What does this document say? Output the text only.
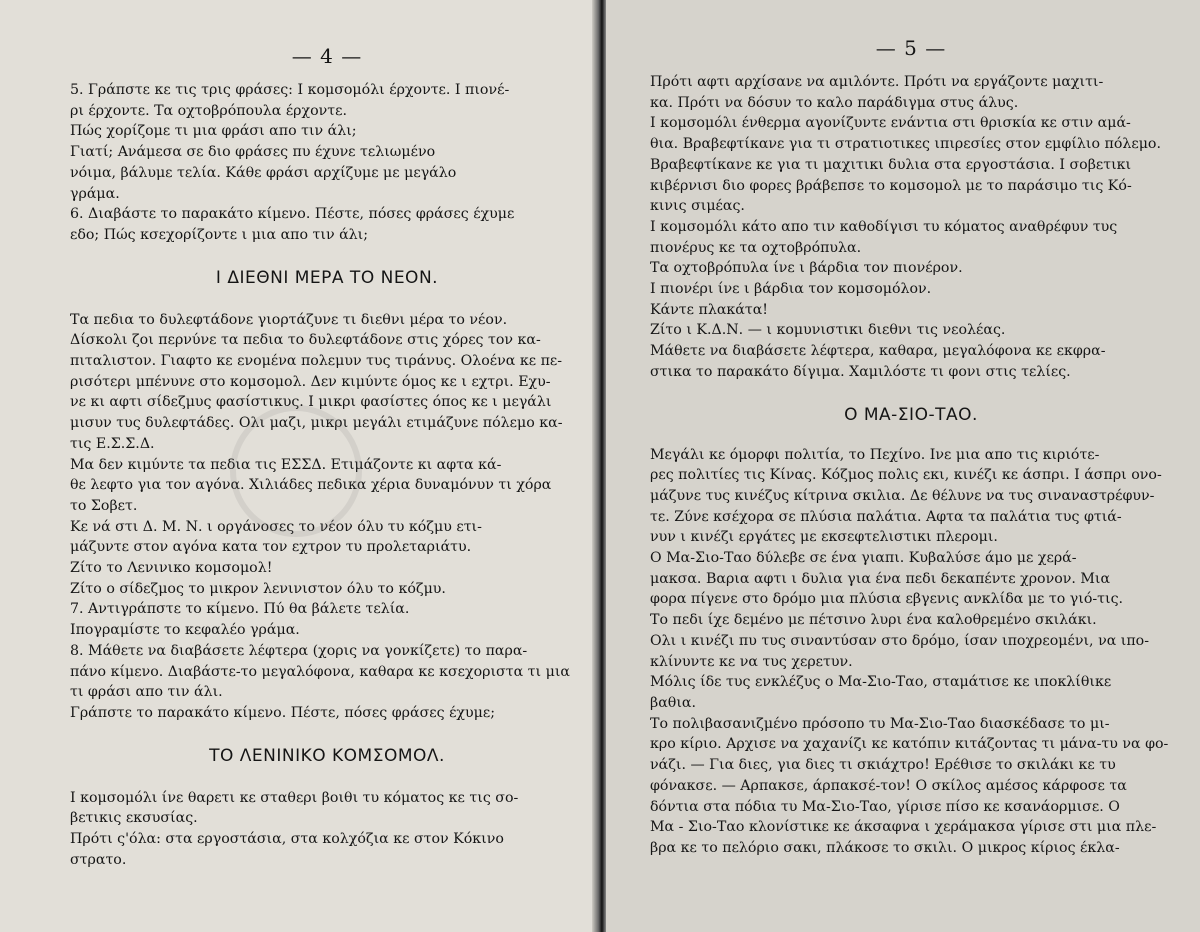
— 4 —
5. Γράπστε κε τις τρις φράσες: Ι κομσομόλι έρχοντε. Ι πιονέ-
ρι έρχοντε. Τα οχτοβρόπουλα έρχοντε.
Πώς χορίζομε τι μια φράσι απο τιν άλι;
Γιατί; Ανάμεσα σε διο φράσες πυ έχυνε τελιωμένο
νόιμα, βάλυμε τελία. Κάθε φράσι αρχίζυμε με μεγάλο
γράμα.
6. Διαβάστε το παρακάτο κίμενο. Πέστε, πόσες φράσες έχυμε
εδο; Πώς κσεχορίζοντε ι μια απο τιν άλι;
Ι ΔΙΕΘΝΙ ΜΕΡΑ ΤΟ ΝΕΟΝ.
Τα πεδια το δυλεφτάδονε γιορτάζυνε τι διεθνι μέρα το νέον.
Δίσκολι ζοι περνύνε τα πεδια το δυλεφτάδονε στις χόρες τον κα-
πιταλιστον. Γιαφτο κε ενομένα πολεμυν τυς τιράνυς. Ολοένα κε πε-
ρισότερι μπένυνε στο κομσομολ. Δεν κιμύντε όμος κε ι εχτρι. Εχυ-
νε κι αφτι σίδεζμυς φασίστικυς. Ι μικρι φασίστες όπος κε ι μεγάλι
μισυν τυς δυλεφτάδες. Ολι μαζι, μικρι μεγάλι ετιμάζυνε πόλεμο κα-
τις Ε.Σ.Σ.Δ.
Μα δεν κιμύντε τα πεδια τις ΕΣΣΔ. Ετιμάζοντε κι αφτα κά-
θε λεφτο για τον αγόνα. Χιλιάδες πεδικα χέρια δυναμόνυν τι χόρα
το Σοβετ.
Κε νά στι Δ. Μ. Ν. ι οργάνοσες το νέον όλυ τυ κόζμυ ετι-
μάζυντε στον αγόνα κατα τον εχτρον τυ προλεταριάτυ.
Ζίτο το Λενινικο κομσομολ!
Ζίτο ο σίδεζμος το μικρον λενινιστον όλυ το κόζμυ.
7. Αντιγράπστε το κίμενο. Πύ θα βάλετε τελία.
Ιπογραμίστε το κεφαλέο γράμα.
8. Μάθετε να διαβάσετε λέφτερα (χορις να γονκίζετε) το παρα-
πάνο κίμενο. Διαβάστε-το μεγαλόφονα, καθαρα κε κσεχοριστα τι μια
τι φράσι απο τιν άλι.
Γράπστε το παρακάτο κίμενο. Πέστε, πόσες φράσες έχυμε;
ΤΟ ΛΕΝΙΝΙΚΟ ΚΟΜΣΟΜΟΛ.
Ι κομσομόλι ίνε θαρετι κε σταθερι βοιθι τυ κόματος κε τις σο-
βετικις εκσυσίας.
Πρότι ς'όλα: στα εργοστάσια, στα κολχόζια κε στον Κόκινο
στρατο.
— 5 —
Πρότι αφτι αρχίσανε να αμιλόντε. Πρότι να εργάζοντε μαχιτι-
κα. Πρότι να δόσυν το καλο παράδιγμα στυς άλυς.
Ι κομσομόλι ένθερμα αγονίζυντε ενάντια στι θρισκία κε στιν αμά-
θια. Βραβεφτίκανε για τι στρατιοτικες ιπιρεσίες στον εμφίλιο πόλεμο.
Βραβεφτίκανε κε για τι μαχιτικι δυλια στα εργοστάσια. Ι σοβετικι
κιβέρνισι διο φορες βράβεπσε το κομσομολ με το παράσιμο τις Κό-
κινις σιμέας.
Ι κομσομόλι κάτο απο τιν καθοδίγισι τυ κόματος αναθρέφυν τυς
πιονέρυς κε τα οχτοβρόπυλα.
Τα οχτοβρόπυλα ίνε ι βάρδια τον πιονέρον.
Ι πιονέρι ίνε ι βάρδια τον κομσομόλον.
Κάντε πλακάτα!
Ζίτο ι Κ.Δ.Ν. — ι κομυνιστικι διεθνι τις νεολέας.
Μάθετε να διαβάσετε λέφτερα, καθαρα, μεγαλόφονα κε εκφρα-
στικα το παρακάτο δίγιμα. Χαμιλόστε τι φονι στις τελίες.
Ο ΜΑ-ΣΙΟ-ΤΑΟ.
Μεγάλι κε όμορφι πολιτία, το Πεχίνο. Ινε μια απο τις κιριότε-
ρες πολιτίες τις Κίνας. Κόζμος πολις εκι, κινέζι κε άσπρι. Ι άσπρι ονο-
μάζυνε τυς κινέζυς κίτρινα σκιλια. Δε θέλυνε να τυς σιναναστρέφυν-
τε. Ζύνε κσέχορα σε πλύσια παλάτια. Αφτα τα παλάτια τυς φτιά-
νυν ι κινέζι εργάτες με εκσεφτελιστικι πλερομι.
Ο Μα-Σιο-Ταο δύλεβε σε ένα γιαπι. Κυβαλύσε άμο με χερά-
μακσα. Βαρια αφτι ι δυλια για ένα πεδι δεκαπέντε χρονον. Μια
φορα πίγενε στο δρόμο μια πλύσια εβγενις ανκλίδα με το γιό-τις.
Το πεδι ίχε δεμένο με πέτσινο λυρι ένα καλοθρεμένο σκιλάκι.
Ολι ι κινέζι πυ τυς σιναντύσαν στο δρόμο, ίσαν ιποχρεομένι, να ιπο-
κλίνυντε κε να τυς χερετυν.
Μόλις ίδε τυς ενκλέζυς ο Μα-Σιο-Ταο, σταμάτισε κε ιποκλίθικε
βαθια.
Το πολιβασανιζμένο πρόσοπο τυ Μα-Σιο-Ταο διασκέδασε το μι-
κρο κίριο. Αρχισε να χαχανίζι κε κατόπιν κιτάζοντας τι μάνα-τυ να φο-
νάζι. — Για διες, για διες τι σκιάχτρο! Ερέθισε το σκιλάκι κε τυ
φόνακσε. — Αρπακσε, άρπακσέ-τον! Ο σκίλος αμέσος κάρφοσε τα
δόντια στα πόδια τυ Μα-Σιο-Ταο, γίρισε πίσο κε κσανάορμισε. Ο
Μα - Σιο-Ταο κλονίστικε κε άκσαφνα ι χεράμακσα γίρισε στι μια πλε-
βρα κε το πελόριο σακι, πλάκοσε το σκιλι. Ο μικρος κίριος έκλα-
